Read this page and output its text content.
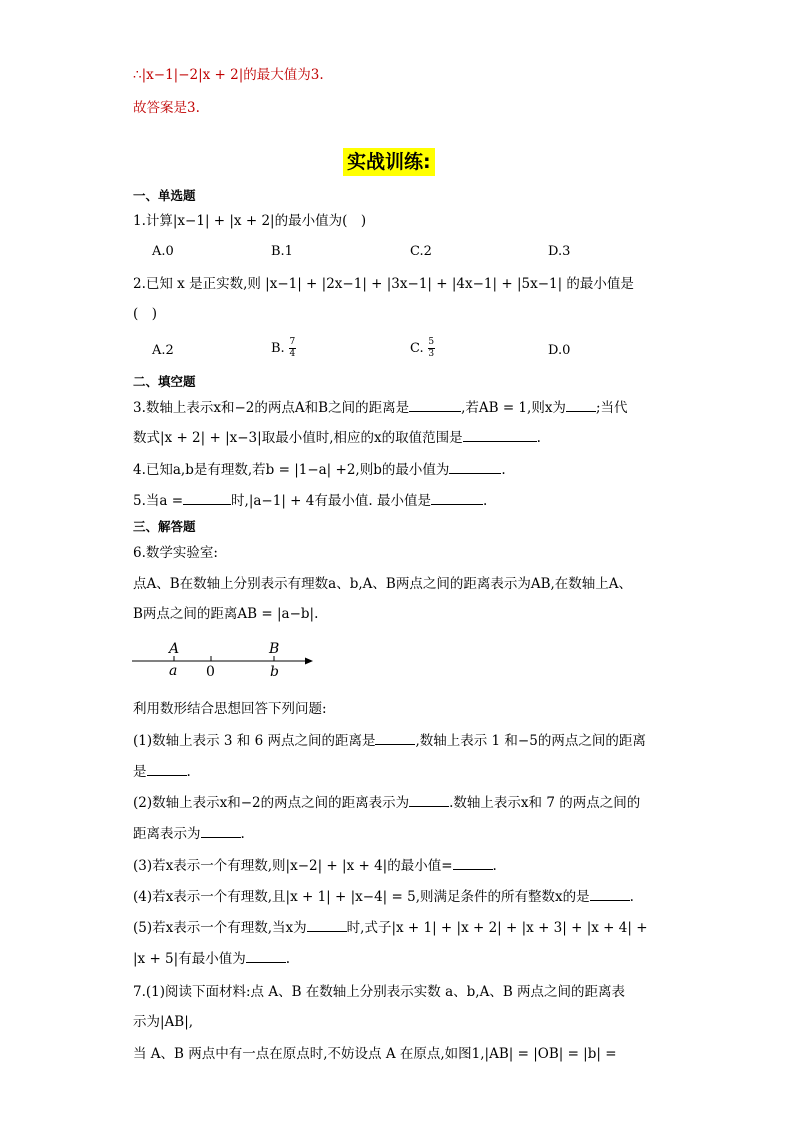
∴|x−1|−2|x + 2|的最大值为3.
故答案是3.
实战训练:
一、单选题
1.计算|x−1| + |x + 2|的最小值为(　)
A.0	B.1	C.2	D.3
2.已知 x 是正实数,则 |x−1| + |2x−1| + |3x−1| + |4x−1| + |5x−1| 的最小值是
(　)
A.2	B. $\frac{7}{4}$	C. $\frac{5}{3}$	D.0
二、填空题
3.数轴上表示x和−2的两点A和B之间的距离是	,若AB = 1,则x为 ;当代
数式|x + 2| + |x−3|取最小值时,相应的x的取值范围是	.
4.已知a,b是有理数,若b = |1−a| +2,则b的最小值为	.
5.当a =	时,|a−1| + 4有最小值. 最小值是	.
三、解答题
6.数学实验室:
点A、B在数轴上分别表示有理数a、b,A、B两点之间的距离表示为AB,在数轴上A、
B两点之间的距离AB = |a−b|.
A
a 0
B
b
利用数形结合思想回答下列问题:
(1)数轴上表示 3 和 6 两点之间的距离是	,数轴上表示 1 和−5的两点之间的距离
是	.
(2)数轴上表示x和−2的两点之间的距离表示为	.数轴上表示x和 7 的两点之间的
距离表示为	.
(3)若x表示一个有理数,则|x−2| + |x + 4|的最小值=	.
(4)若x表示一个有理数,且|x + 1| + |x−4| = 5,则满足条件的所有整数x的是	.
(5)若x表示一个有理数,当x为	时,式子|x + 1| + |x + 2| + |x + 3| + |x + 4| +
|x + 5|有最小值为	.
7.(1)阅读下面材料:点 A、B 在数轴上分别表示实数 a、b,A、B 两点之间的距离表
示为|AB|,
当 A、B 两点中有一点在原点时,不妨设点 A 在原点,如图1,|AB| = |OB| = |b| =
